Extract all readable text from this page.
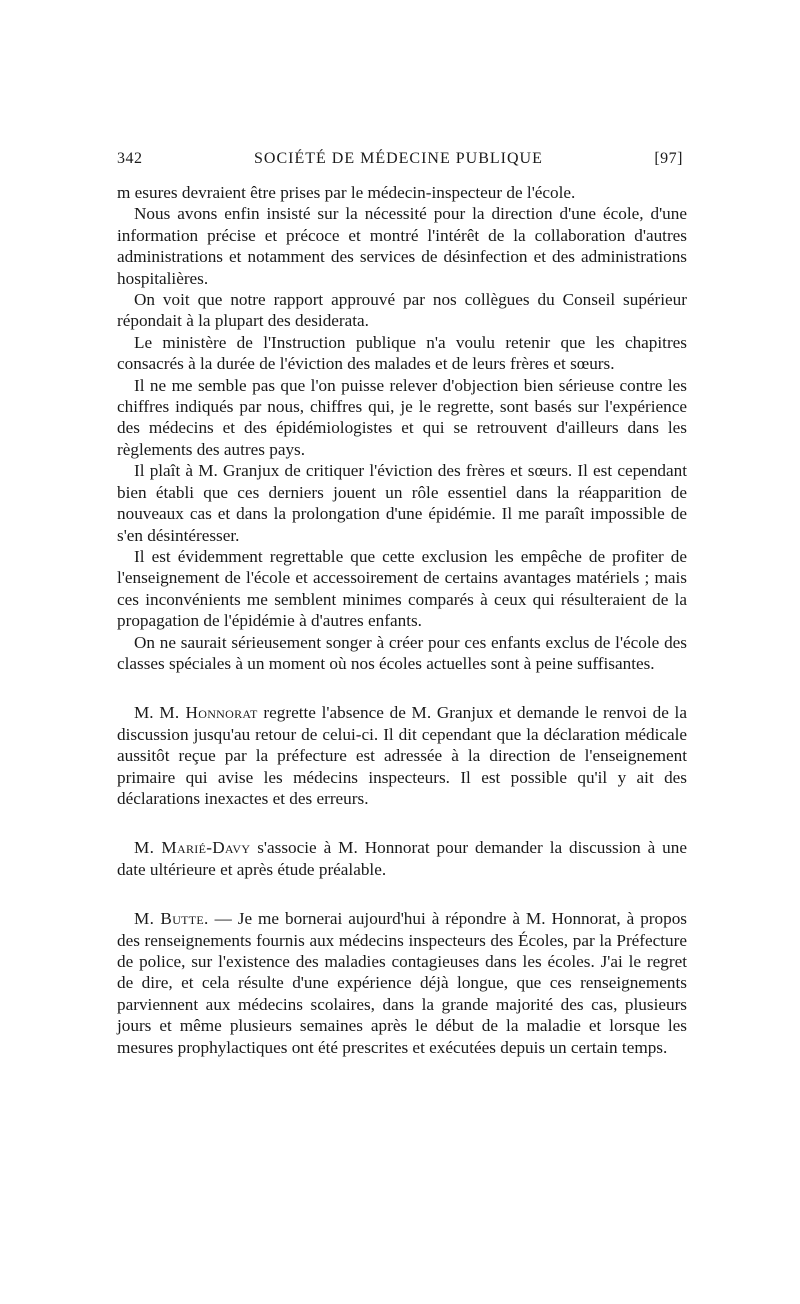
342	SOCIÉTÉ DE MÉDECINE PUBLIQUE	[97]

m esures devraient être prises par le médecin-inspecteur de l'école.

Nous avons enfin insisté sur la nécessité pour la direction d'une école, d'une information précise et précoce et montré l'intérêt de la collaboration d'autres administrations et notamment des services de désinfection et des administrations hospitalières.

On voit que notre rapport approuvé par nos collègues du Conseil supérieur répondait à la plupart des desiderata.

Le ministère de l'Instruction publique n'a voulu retenir que les chapitres consacrés à la durée de l'éviction des malades et de leurs frères et sœurs.

Il ne me semble pas que l'on puisse relever d'objection bien sérieuse contre les chiffres indiqués par nous, chiffres qui, je le regrette, sont basés sur l'expérience des médecins et des épidémiologistes et qui se retrouvent d'ailleurs dans les règlements des autres pays.

Il plaît à M. Granjux de critiquer l'éviction des frères et sœurs. Il est cependant bien établi que ces derniers jouent un rôle essentiel dans la réapparition de nouveaux cas et dans la prolongation d'une épidémie. Il me paraît impossible de s'en désintéresser.

Il est évidemment regrettable que cette exclusion les empêche de profiter de l'enseignement de l'école et accessoirement de certains avantages matériels ; mais ces inconvénients me semblent minimes comparés à ceux qui résulteraient de la propagation de l'épidémie à d'autres enfants.

On ne saurait sérieusement songer à créer pour ces enfants exclus de l'école des classes spéciales à un moment où nos écoles actuelles sont à peine suffisantes.

M. M. Honnorat regrette l'absence de M. Granjux et demande le renvoi de la discussion jusqu'au retour de celui-ci. Il dit cependant que la déclaration médicale aussitôt reçue par la préfecture est adressée à la direction de l'enseignement primaire qui avise les médecins inspecteurs. Il est possible qu'il y ait des déclarations inexactes et des erreurs.

M. Marié-Davy s'associe à M. Honnorat pour demander la discussion à une date ultérieure et après étude préalable.

M. Butte. — Je me bornerai aujourd'hui à répondre à M. Honnorat, à propos des renseignements fournis aux médecins inspecteurs des Écoles, par la Préfecture de police, sur l'existence des maladies contagieuses dans les écoles. J'ai le regret de dire, et cela résulte d'une expérience déjà longue, que ces renseignements parviennent aux médecins scolaires, dans la grande majorité des cas, plusieurs jours et même plusieurs semaines après le début de la maladie et lorsque les mesures prophylactiques ont été prescrites et exécutées depuis un certain temps.
